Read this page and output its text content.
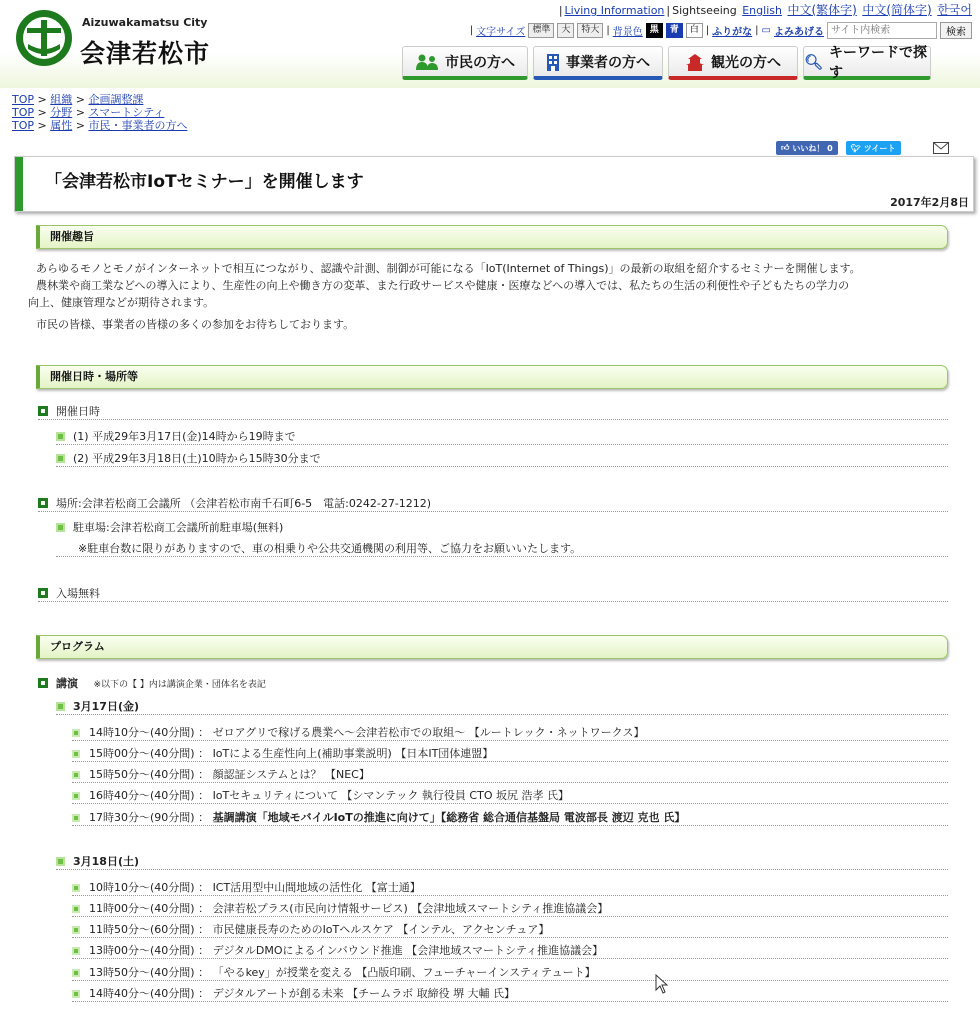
Aizuwakamatsu City
会津若松市
| Living Information | Sightseeing English 中文(繁体字) 中文(简体字) 한국어
| 文字サイズ 標準	大	特大 | 背景色 黒	青	白 | ふりがな | ▭ よみあげる
サイト内検索	検索
市民の方へ	事業者の方へ	観光の方へ 🔍︎ キーワードで探す
TOP > 組織 > 企画調整課
TOP > 分野 > スマートシティ
TOP > 属性 > 市民・事業者の方へ
👍︎ いいね！ 0 🐦︎ ツイート
「会津若松市IoTセミナー」を開催します
2017年2月8日
開催趣旨
あらゆるモノとモノがインターネットで相互につながり、認識や計測、制御が可能になる「IoT(Internet of Things)」の最新の取組を紹介するセミナーを開催します。
農林業や商工業などへの導入により、生産性の向上や働き方の変革、また行政サービスや健康・医療などへの導入では、私たちの生活の利便性や子どもたちの学力の
向上、健康管理などが期待されます。
市民の皆様、事業者の皆様の多くの参加をお待ちしております。
開催日時・場所等
開催日時
(1) 平成29年3月17日(金)14時から19時まで
(2) 平成29年3月18日(土)10時から15時30分まで
場所:会津若松商工会議所 （会津若松市南千石町6-5　電話:0242-27-1212)
駐車場:会津若松商工会議所前駐車場(無料)
※駐車台数に限りがありますので、車の相乗りや公共交通機関の利用等、ご協力をお願いいたします。
入場無料
プログラム
講演 ※以下の【 】内は講演企業・団体名を表記
3月17日(金)
14時10分～(40分間) ： ゼロアグリで稼げる農業へ～会津若松市での取組～ 【ルートレック・ネットワークス】
15時00分～(40分間) ： IoTによる生産性向上(補助事業説明) 【日本IT団体連盟】
15時50分～(40分間) ： 顔認証システムとは？ 【NEC】
16時40分～(40分間) ： IoTセキュリティについて 【シマンテック 執行役員 CTO 坂尻 浩孝 氏】
17時30分～(90分間) ： 基調講演「地域モバイルIoTの推進に向けて」【総務省 総合通信基盤局 電波部長 渡辺 克也 氏】
3月18日(土)
10時10分～(40分間) ： ICT活用型中山間地域の活性化 【富士通】
11時00分～(40分間) ： 会津若松プラス(市民向け情報サービス) 【会津地域スマートシティ推進協議会】
11時50分～(60分間) ： 市民健康長寿のためのIoTヘルスケア 【インテル、アクセンチュア】
13時00分～(40分間) ： デジタルDMOによるインバウンド推進 【会津地域スマートシティ推進協議会】
13時50分～(40分間) ： 「やるkey」が授業を変える 【凸版印刷、フューチャーインスティテュート】
14時40分～(40分間) ： デジタルアートが創る未来 【チームラボ 取締役 堺 大輔 氏】
